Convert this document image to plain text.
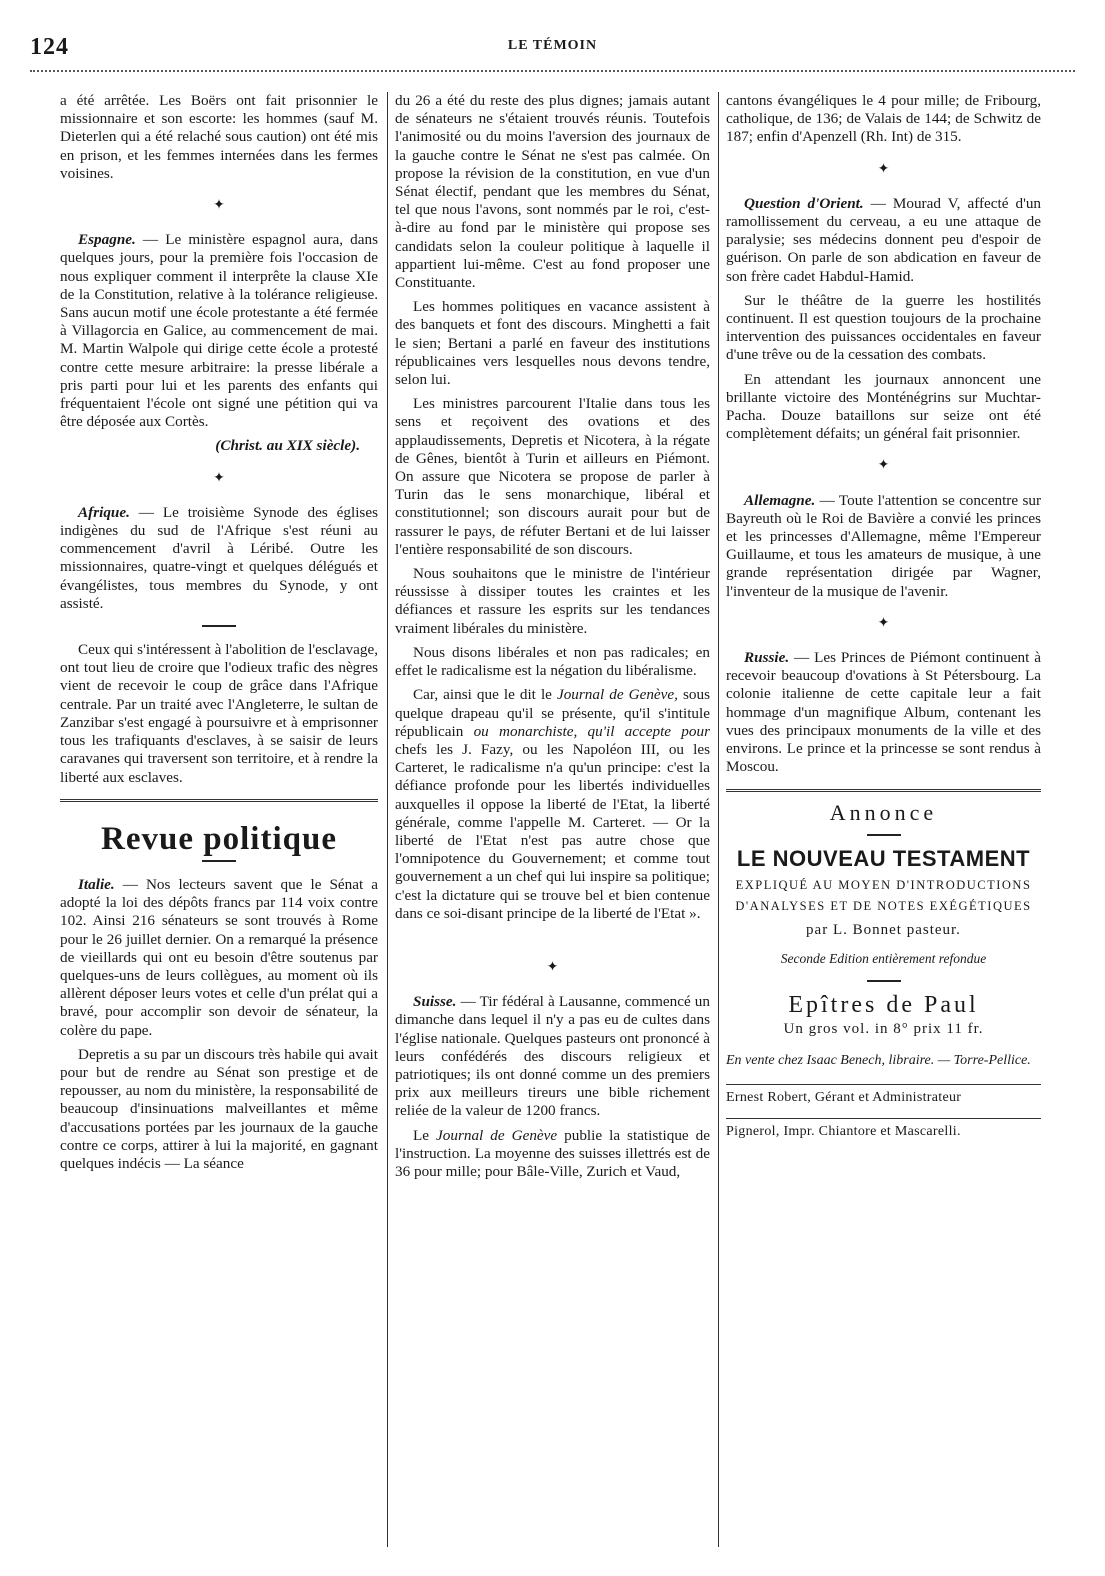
124	LE TÉMOIN

a été arrêtée. Les Boërs ont fait prisonnier le missionnaire et son escorte: les hommes (sauf M. Dieterlen qui a été relaché sous caution) ont été mis en prison, et les femmes internées dans les fermes voisines.

✦

Espagne. — Le ministère espagnol aura, dans quelques jours, pour la première fois l'occasion de nous expliquer comment il interprête la clause XIe de la Constitution, relative à la tolérance religieuse. Sans aucun motif une école protestante a été fermée à Villagorcia en Galice, au commencement de mai. M. Martin Walpole qui dirige cette école a protesté contre cette mesure arbitraire: la presse libérale a pris parti pour lui et les parents des enfants qui fréquentaient l'école ont signé une pétition qui va être déposée aux Cortès.

(Christ. au XIX siècle).
✦

Afrique. — Le troisième Synode des églises indigènes du sud de l'Afrique s'est réuni au commencement d'avril à Léribé. Outre les missionnaires, quatre-vingt et quelques délégués et évangélistes, tous membres du Synode, y ont assisté.

Ceux qui s'intéressent à l'abolition de l'esclavage, ont tout lieu de croire que l'odieux trafic des nègres vient de recevoir le coup de grâce dans l'Afrique centrale. Par un traité avec l'Angleterre, le sultan de Zanzibar s'est engagé à poursuivre et à emprisonner tous les trafiquants d'esclaves, à se saisir de leurs caravanes qui traversent son territoire, et à rendre la liberté aux esclaves.

Revue politique

Italie. — Nos lecteurs savent que le Sénat a adopté la loi des dépôts francs par 114 voix contre 102. Ainsi 216 sénateurs se sont trouvés à Rome pour le 26 juillet dernier. On a remarqué la présence de vieillards qui ont eu besoin d'être soutenus par quelques-uns de leurs collègues, au moment où ils allèrent déposer leurs votes et celle d'un prélat qui a bravé, pour accomplir son devoir de sénateur, la colère du pape.

Depretis a su par un discours très habile qui avait pour but de rendre au Sénat son prestige et de repousser, au nom du ministère, la responsabilité de beaucoup d'insinuations malveillantes et même d'accusations portées par les journaux de la gauche contre ce corps, attirer à lui la majorité, en gagnant quelques indécis — La séance

du 26 a été du reste des plus dignes; jamais autant de sénateurs ne s'étaient trouvés réunis. Toutefois l'animosité ou du moins l'aversion des journaux de la gauche contre le Sénat ne s'est pas calmée. On propose la révision de la constitution, en vue d'un Sénat électif, pendant que les membres du Sénat, tel que nous l'avons, sont nommés par le roi, c'est-à-dire au fond par le ministère qui propose ses candidats selon la couleur politique à laquelle il appartient lui-même. C'est au fond proposer une Constituante.

Les hommes politiques en vacance assistent à des banquets et font des discours. Minghetti a fait le sien; Bertani a parlé en faveur des institutions républicaines vers lesquelles nous devons tendre, selon lui.

Les ministres parcourent l'Italie dans tous les sens et reçoivent des ovations et des applaudissements, Depretis et Nicotera, à la régate de Gênes, bientôt à Turin et ailleurs en Piémont. On assure que Nicotera se propose de parler à Turin das le sens monarchique, libéral et constitutionnel; son discours aurait pour but de rassurer le pays, de réfuter Bertani et de lui laisser l'entière responsabilité de son discours.

Nous souhaitons que le ministre de l'intérieur réussisse à dissiper toutes les craintes et les défiances et rassure les esprits sur les tendances vraiment libérales du ministère.

Nous disons libérales et non pas radicales; en effet le radicalisme est la négation du libéralisme.

Car, ainsi que le dit le Journal de Genève, sous quelque drapeau qu'il se présente, qu'il s'intitule républicain ou monarchiste, qu'il accepte pour chefs les J. Fazy, ou les Napoléon III, ou les Carteret, le radicalisme n'a qu'un principe: c'est la défiance profonde pour les libertés individuelles auxquelles il oppose la liberté de l'Etat, la liberté générale, comme l'appelle M. Carteret. — Or la liberté de l'Etat n'est pas autre chose que l'omnipotence du Gouvernement; et comme tout gouvernement a un chef qui lui inspire sa politique; c'est la dictature qui se trouve bel et bien contenue dans ce soi-disant principe de la liberté de l'Etat ».

✦

Suisse. — Tir fédéral à Lausanne, commencé un dimanche dans lequel il n'y a pas eu de cultes dans l'église nationale. Quelques pasteurs ont prononcé à leurs confédérés des discours religieux et patriotiques; ils ont donné comme un des premiers prix aux meilleurs tireurs une bible richement reliée de la valeur de 1200 francs.

Le Journal de Genève publie la statistique de l'instruction. La moyenne des suisses illettrés est de 36 pour mille; pour Bâle-Ville, Zurich et Vaud,

cantons évangéliques le 4 pour mille; de Fribourg, catholique, de 136; de Valais de 144; de Schwitz de 187; enfin d'Apenzell (Rh. Int) de 315.

✦

Question d'Orient. — Mourad V, affecté d'un ramollissement du cerveau, a eu une attaque de paralysie; ses médecins donnent peu d'espoir de guérison. On parle de son abdication en faveur de son frère cadet Habdul-Hamid.

Sur le théâtre de la guerre les hostilités continuent. Il est question toujours de la prochaine intervention des puissances occidentales en faveur d'une trêve ou de la cessation des combats.

En attendant les journaux annoncent une brillante victoire des Monténégrins sur Muchtar-Pacha. Douze bataillons sur seize ont été complètement défaits; un général fait prisonnier.

✦

Allemagne. — Toute l'attention se concentre sur Bayreuth où le Roi de Bavière a convié les princes et les princesses d'Allemagne, même l'Empereur Guillaume, et tous les amateurs de musique, à une grande représentation dirigée par Wagner, l'inventeur de la musique de l'avenir.

✦

Russie. — Les Princes de Piémont continuent à recevoir beaucoup d'ovations à St Pétersbourg. La colonie italienne de cette capitale leur a fait hommage d'un magnifique Album, contenant les vues des principaux monuments de la ville et des environs. Le prince et la princesse se sont rendus à Moscou.

Annonce
LE NOUVEAU TESTAMENT
EXPLIQUÉ AU MOYEN D'INTRODUCTIONS
D'ANALYSES ET DE NOTES EXÉGÉTIQUES
par L. Bonnet pasteur.
Seconde Edition entièrement refondue
Epîtres de Paul
Un gros vol. in 8° prix 11 fr.
En vente chez Isaac Benech, libraire. — Torre-Pellice.
Ernest Robert, Gérant et Administrateur
Pignerol, Impr. Chiantore et Mascarelli.
